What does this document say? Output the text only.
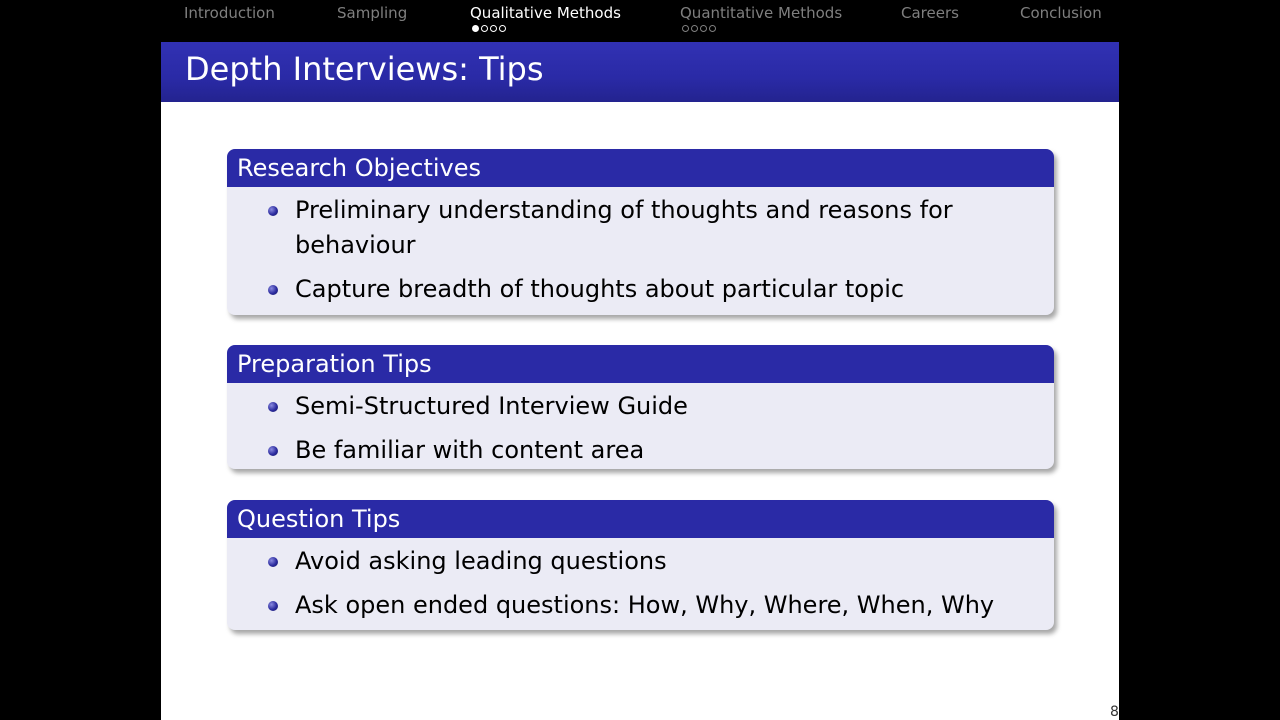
Introduction	Sampling	Qualitative Methods	Quantitative Methods	Careers	Conclusion
Depth Interviews: Tips
Research Objectives
Preliminary understanding of thoughts and reasons for behaviour
Capture breadth of thoughts about particular topic
Preparation Tips
Semi-Structured Interview Guide
Be familiar with content area
Question Tips
Avoid asking leading questions
Ask open ended questions: How, Why, Where, When, Why
8
